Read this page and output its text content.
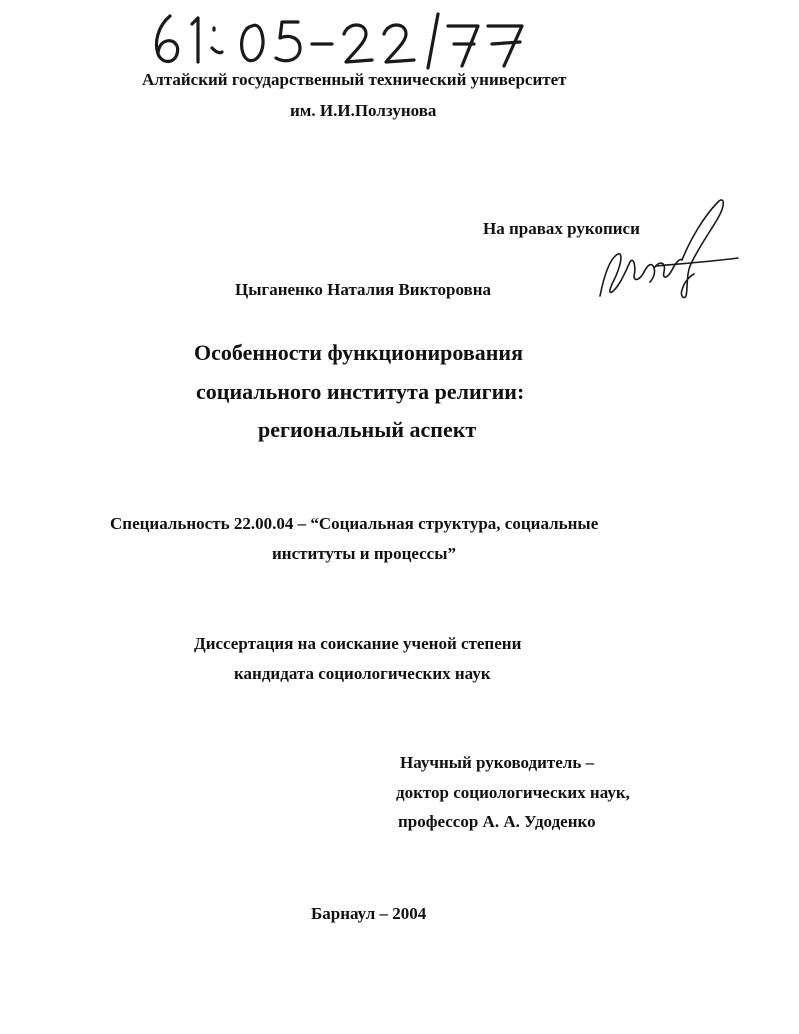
Алтайский государственный технический университет
им. И.И.Ползунова
На правах рукописи
Цыганенко Наталия Викторовна
Особенности функционирования
социального института религии:
региональный аспект
Специальность 22.00.04 – “Социальная структура, социальные
институты и процессы”
Диссертация на соискание ученой степени
кандидата социологических наук
Научный руководитель –
доктор социологических наук,
профессор А. А. Удоденко
Барнаул – 2004
